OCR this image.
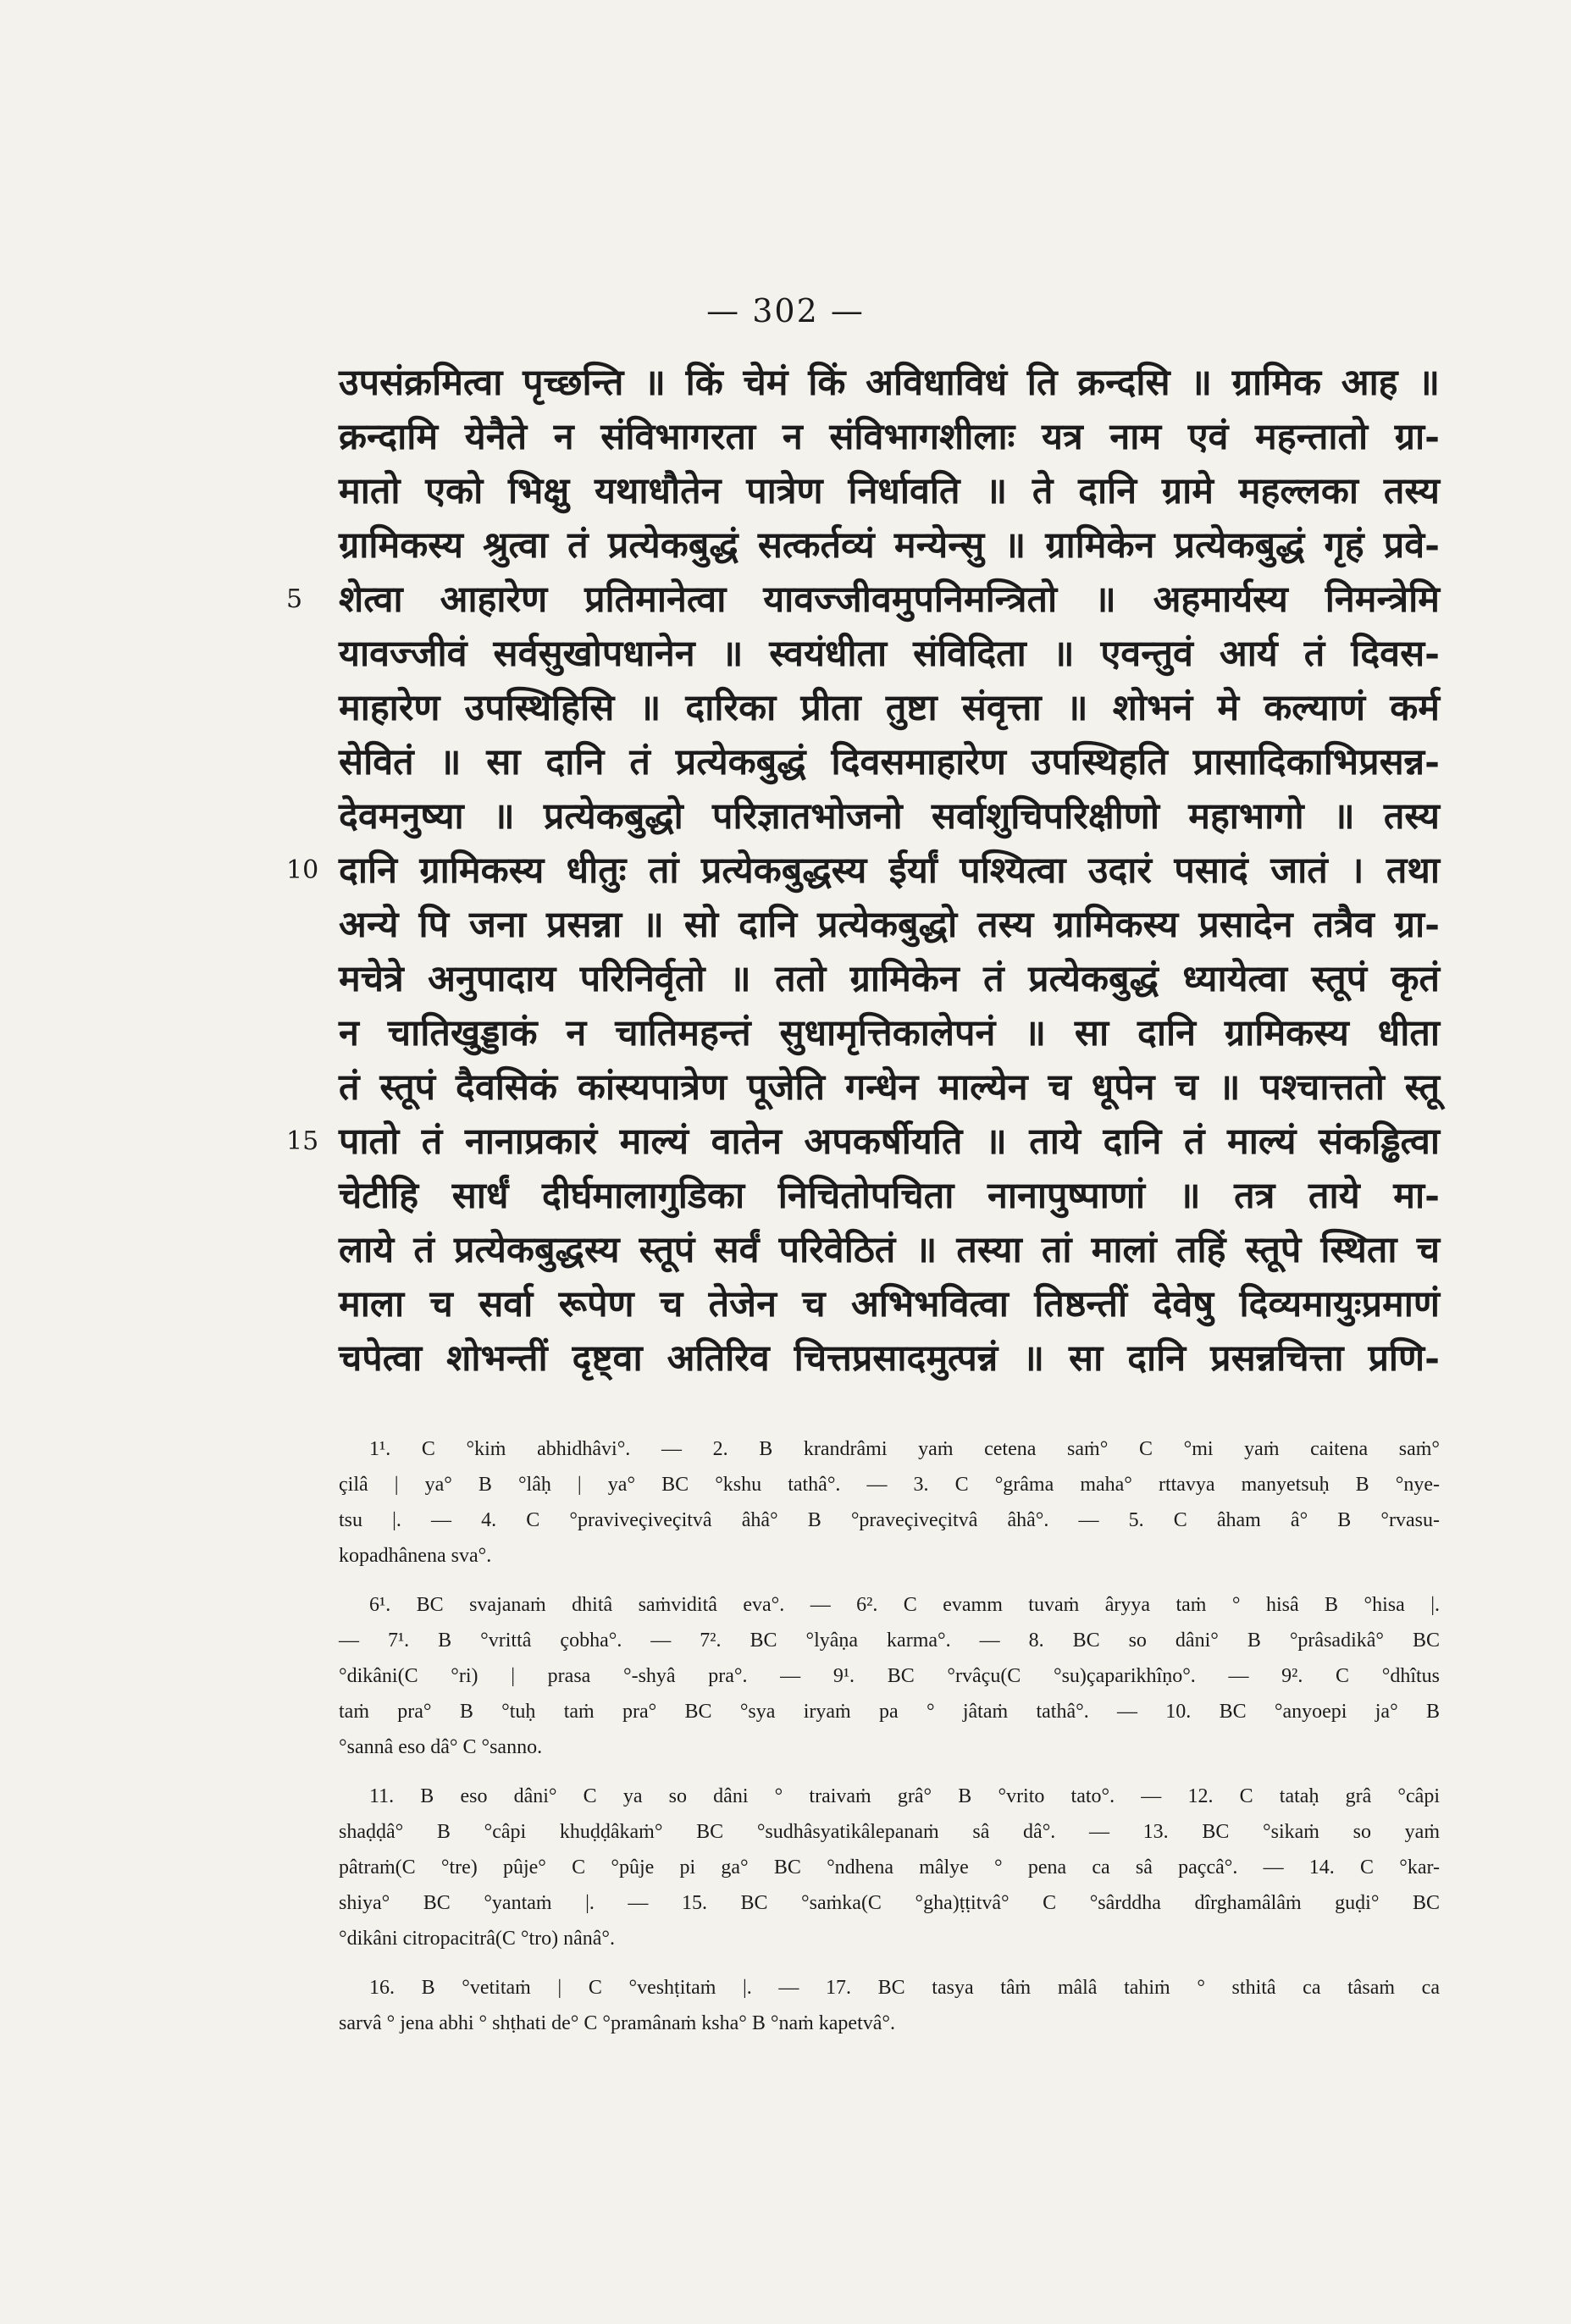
— 302 —
उपसंक्रमित्वा पृच्छन्ति ॥ किं चेमं किं अविधाविधं ति क्रन्दसि ॥ ग्रामिक आह ॥
क्रन्दामि येनैते न संविभागरता न संविभागशीलाः यत्र नाम एवं महन्तातो ग्रा-
मातो एको भिक्षु यथाधौतेन पात्रेण निर्धावति ॥ ते दानि ग्रामे महल्लका तस्य
ग्रामिकस्य श्रुत्वा तं प्रत्येकबुद्धं सत्कर्तव्यं मन्येन्सु ॥ ग्रामिकेन प्रत्येकबुद्धं गृहं प्रवे-
5 शेत्वा आहारेण प्रतिमानेत्वा यावज्जीवमुपनिमन्त्रितो ॥ अहमार्यस्य निमन्त्रेमि
यावज्जीवं सर्वसुखोपधानेन ॥ स्वयंधीता संविदिता ॥ एवन्तुवं आर्य तं दिवस-
माहारेण उपस्थिहिसि ॥ दारिका प्रीता तुष्टा संवृत्ता ॥ शोभनं मे कल्याणं कर्म
सेवितं ॥ सा दानि तं प्रत्येकबुद्धं दिवसमाहारेण उपस्थिहति प्रासादिकाभिप्रसन्न-
देवमनुष्या ॥ प्रत्येकबुद्धो परिज्ञातभोजनो सर्वाशुचिपरिक्षीणो महाभागो ॥ तस्य
10 दानि ग्रामिकस्य धीतुः तां प्रत्येकबुद्धस्य ईर्यां पश्यित्वा उदारं पसादं जातं । तथा
अन्ये पि जना प्रसन्ना ॥ सो दानि प्रत्येकबुद्धो तस्य ग्रामिकस्य प्रसादेन तत्रैव ग्रा-
मचेत्रे अनुपादाय परिनिर्वृतो ॥ ततो ग्रामिकेन तं प्रत्येकबुद्धं ध्यायेत्वा स्तूपं कृतं
न चातिखुड्डाकं न चातिमहन्तं सुधामृत्तिकालेपनं ॥ सा दानि ग्रामिकस्य धीता
तं स्तूपं दैवसिकं कांस्यपात्रेण पूजेति गन्धेन माल्येन च धूपेन च ॥ पश्चात्ततो स्तू
15 पातो तं नानाप्रकारं माल्यं वातेन अपकर्षीयति ॥ ताये दानि तं माल्यं संकड्ढित्वा
चेटीहि सार्धं दीर्घमालागुडिका निचितोपचिता नानापुष्पाणां ॥ तत्र ताये मा-
लाये तं प्रत्येकबुद्धस्य स्तूपं सर्वं परिवेठितं ॥ तस्या तां मालां तहिं स्तूपे स्थिता च
माला च सर्वा रूपेण च तेजेन च अभिभवित्वा तिष्ठन्तीं देवेषु दिव्यमायुःप्रमाणं
चपेत्वा शोभन्तीं दृष्ट्वा अतिरिव चित्तप्रसादमुत्पन्नं ॥ सा दानि प्रसन्नचित्ता प्रणि-
1¹. C °kiṁ abhidhâvi°. — 2. B krandrâmi yaṁ cetena saṁ° C °mi yaṁ caitena saṁ°
çilâ | ya° B °lâḥ | ya° BC °kshu tathâ°. — 3. C °grâma maha° rttavya manyetsuḥ B °nye-
tsu |. — 4. C °praviveçiveçitvâ âhâ° B °praveçiveçitvâ âhâ°. — 5. C âham â° B °rvasu-
kopadhânena sva°.
6¹. BC svajanaṁ dhitâ saṁviditâ eva°. — 6². C evamm tuvaṁ âryya taṁ ° hisâ B °hisa |.
— 7¹. B °vrittâ çobha°. — 7². BC °lyâṇa karma°. — 8. BC so dâni° B °prâsadikâ° BC
°dikâni(C °ri) | prasa °-shyâ pra°. — 9¹. BC °rvâçu(C °su)çaparikhîṇo°. — 9². C °dhîtus
taṁ pra° B °tuḥ taṁ pra° BC °sya iryaṁ pa ° jâtaṁ tathâ°. — 10. BC °anyoepi ja° B
°sannâ eso dâ° C °sanno.
11. B eso dâni° C ya so dâni ° traivaṁ grâ° B °vrito tato°. — 12. C tataḥ grâ °câpi
shaḍḍâ° B °câpi khuḍḍâkaṁ° BC °sudhâsyatikâlepanaṁ sâ dâ°. — 13. BC °sikaṁ so yaṁ
pâtraṁ(C °tre) pûje° C °pûje pi ga° BC °ndhena mâlye ° pena ca sâ paçcâ°. — 14. C °kar-
shiya° BC °yantaṁ |. — 15. BC °saṁka(C °gha)ṭṭitvâ° C °sârddha dîrghamâlâṁ guḍi° BC
°dikâni citropacitrâ(C °tro) nânâ°.
16. B °vetitaṁ | C °veshṭitaṁ |. — 17. BC tasya tâṁ mâlâ tahiṁ ° sthitâ ca tâsaṁ ca
sarvâ ° jena abhi ° shṭhati de° C °pramânaṁ ksha° B °naṁ kapetvâ°.
